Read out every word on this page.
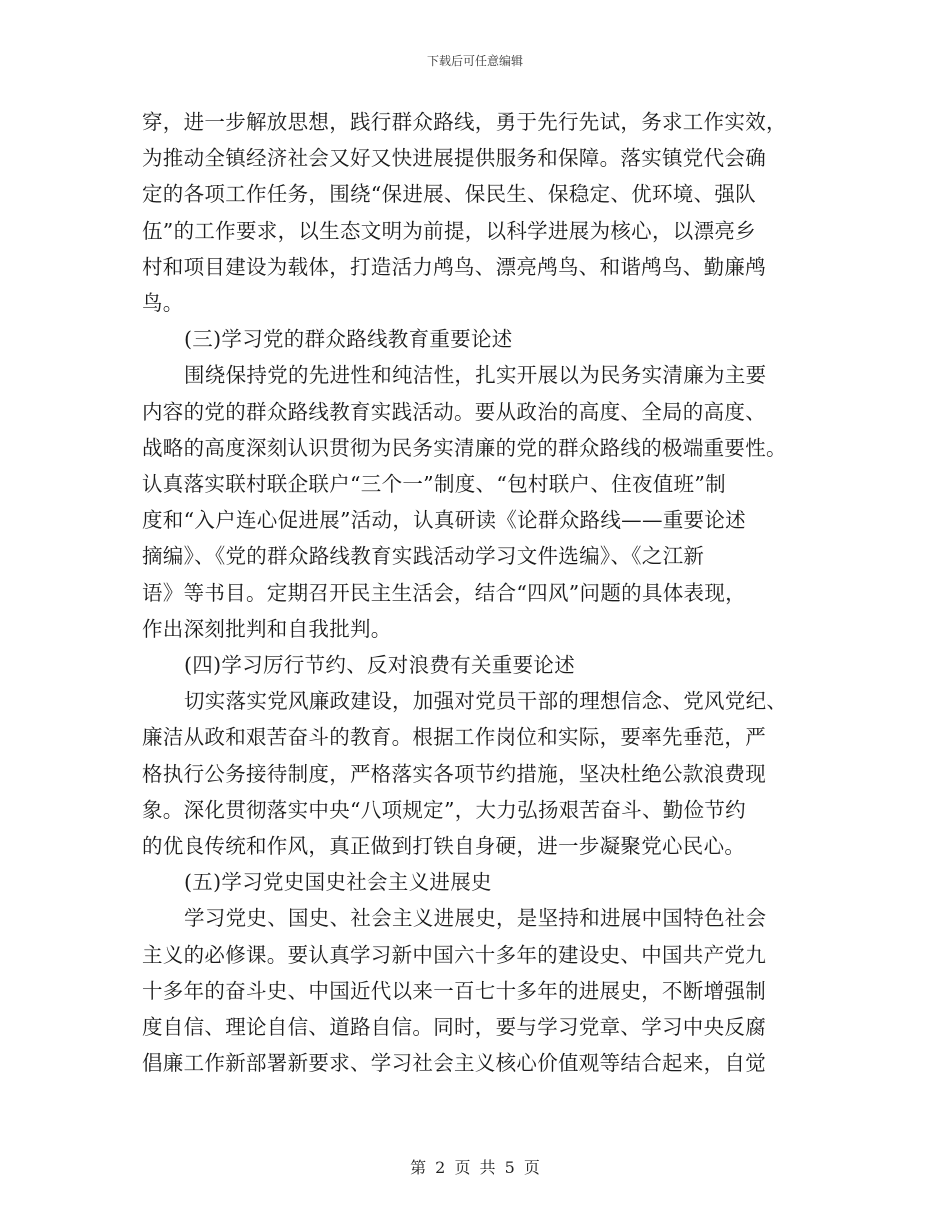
下载后可任意编辑
穿，进一步解放思想，践行群众路线，勇于先行先试，务求工作实效，
为推动全镇经济社会又好又快进展提供服务和保障。落实镇党代会确
定的各项工作任务，围绕“保进展、保民生、保稳定、优环境、强队
伍”的工作要求，以生态文明为前提，以科学进展为核心，以漂亮乡
村和项目建设为载体，打造活力鸬鸟、漂亮鸬鸟、和谐鸬鸟、勤廉鸬
鸟。
(三)学习党的群众路线教育重要论述
围绕保持党的先进性和纯洁性，扎实开展以为民务实清廉为主要
内容的党的群众路线教育实践活动。要从政治的高度、全局的高度、
战略的高度深刻认识贯彻为民务实清廉的党的群众路线的极端重要性。
认真落实联村联企联户“三个一”制度、“包村联户、住夜值班”制
度和“入户连心促进展”活动，认真研读《论群众路线——重要论述
摘编》、《党的群众路线教育实践活动学习文件选编》、《之江新
语》等书目。定期召开民主生活会，结合“四风”问题的具体表现，
作出深刻批判和自我批判。
(四)学习厉行节约、反对浪费有关重要论述
切实落实党风廉政建设，加强对党员干部的理想信念、党风党纪、
廉洁从政和艰苦奋斗的教育。根据工作岗位和实际，要率先垂范，严
格执行公务接待制度，严格落实各项节约措施，坚决杜绝公款浪费现
象。深化贯彻落实中央“八项规定”，大力弘扬艰苦奋斗、勤俭节约
的优良传统和作风，真正做到打铁自身硬，进一步凝聚党心民心。
(五)学习党史国史社会主义进展史
学习党史、国史、社会主义进展史，是坚持和进展中国特色社会
主义的必修课。要认真学习新中国六十多年的建设史、中国共产党九
十多年的奋斗史、中国近代以来一百七十多年的进展史，不断增强制
度自信、理论自信、道路自信。同时，要与学习党章、学习中央反腐
倡廉工作新部署新要求、学习社会主义核心价值观等结合起来，自觉
第 2 页 共 5 页
